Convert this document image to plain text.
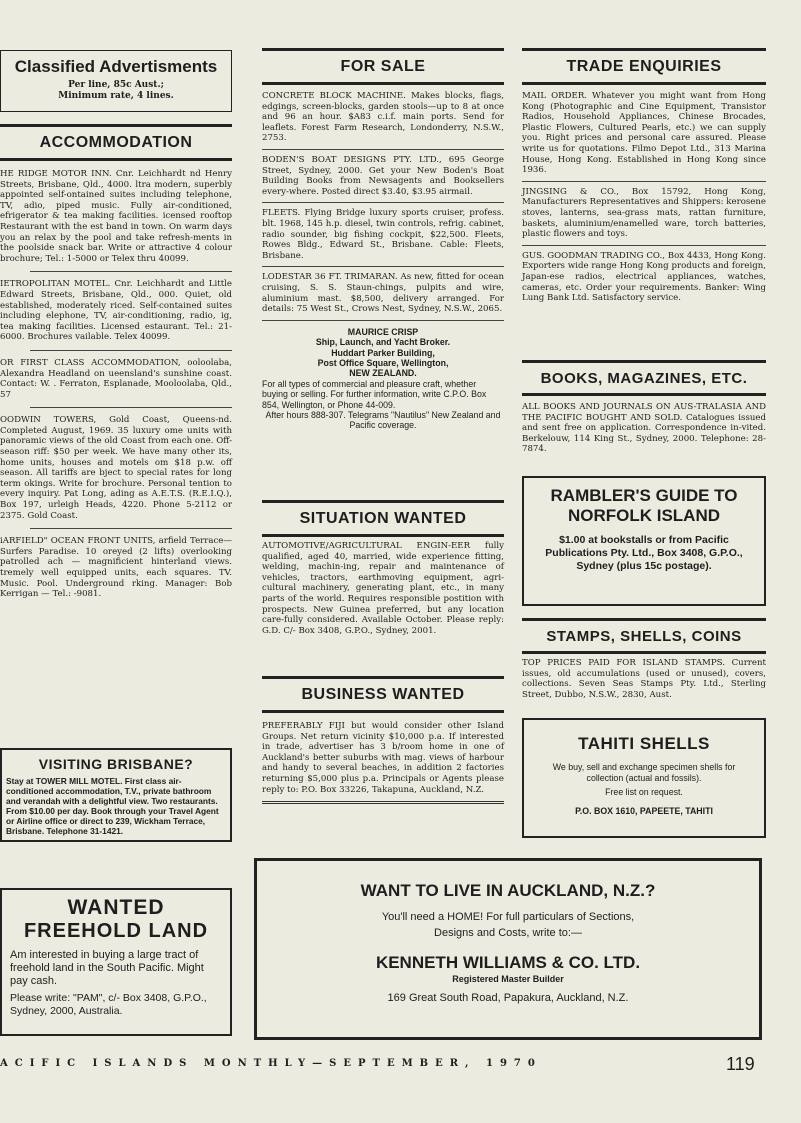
Classified Advertisments
Per line, 85c Aust.;
Minimum rate, 4 lines.
ACCOMMODATION

HE RIDGE MOTOR INN. Cnr. Leichhardt nd Henry Streets, Brisbane, Qld., 4000. ltra modern, superbly appointed self-ontained suites including telephone, TV, adio, piped music. Fully air-conditioned, efrigerator & tea making facilities. icensed rooftop Restaurant with the est band in town. On warm days you an relax by the pool and take refresh-ments in the poolside snack bar. Write or attractive 4 colour brochure; Tel.: 1-5000 or Telex thru 40099.

IETROPOLITAN MOTEL. Cnr. Leichhardt and Little Edward Streets, Brisbane, Qld., 000. Quiet, old established, moderately riced. Self-contained suites including elephone, TV, air-conditioning, radio, ig, tea making facilities. Licensed estaurant. Tel.: 21-6000. Brochures vailable. Telex 40099.

OR FIRST CLASS ACCOMMODATION, ooloolaba, Alexandra Headland on ueensland's sunshine coast. Contact: W. . Ferraton, Esplanade, Mooloolaba, Qld., 57

OODWIN TOWERS, Gold Coast, Queens-nd. Completed August, 1969. 35 luxury ome units with panoramic views of the old Coast from each one. Off-season riff: $50 per week. We have many other its, home units, houses and motels om $18 p.w. off season. All tariffs are bject to special rates for long term okings. Write for brochure. Personal tention to every inquiry. Pat Long, ading as A.E.T.S. (R.E.I.Q.), Box 197, urleigh Heads, 4220. Phone 5-2112 or 2375. Gold Coast.

iARFIELD" OCEAN FRONT UNITS, arfield Terrace—Surfers Paradise. 10 oreyed (2 lifts) overlooking patrolled ach — magnificient hinterland views. tremely well equipped units, each squares. TV. Music. Pool. Underground rking. Manager: Bob Kerrigan — Tel.: -9081.

VISITING BRISBANE?

Stay at TOWER MILL MOTEL. First class air-conditioned accommodation, T.V., private bathroom and verandah with a delightful view. Two restaurants. From $10.00 per day. Book through your Travel Agent or Airline office or direct to 239, Wickham Terrace, Brisbane. Telephone 31-1421.

WANTED
FREEHOLD LAND

Am interested in buying a large tract of freehold land in the South Pacific. Might pay cash.

Please write: "PAM", c/- Box 3408, G.P.O., Sydney, 2000, Australia.

FOR SALE

CONCRETE BLOCK MACHINE. Makes blocks, flags, edgings, screen-blocks, garden stools—up to 8 at once and 96 an hour. $A83 c.i.f. main ports. Send for leaflets. Forest Farm Research, Londonderry, N.S.W., 2753.

BODEN'S BOAT DESIGNS PTY. LTD., 695 George Street, Sydney, 2000. Get your New Boden's Boat Building Books from Newsagents and Booksellers every-where. Posted direct $3.40, $3.95 airmail.

FLEETS. Flying Bridge luxury sports cruiser, profess. blt. 1968, 145 h.p. diesel, twin controls, refrig. cabinet, radio sounder, big fishing cockpit, $22,500. Fleets, Rowes Bldg., Edward St., Brisbane. Cable: Fleets, Brisbane.

LODESTAR 36 FT. TRIMARAN. As new, fitted for ocean cruising, S. S. Staun-chings, pulpits and wire, aluminium mast. $8,500, delivery arranged. For details: 75 West St., Crows Nest, Sydney, N.S.W., 2065.

MAURICE CRISP
Ship, Launch, and Yacht Broker.
Huddart Parker Building,
Post Office Square, Wellington,
NEW ZEALAND.

For all types of commercial and pleasure craft, whether buying or selling. For further information, write C.P.O. Box 854, Wellington, or Phone 44-009.

After hours 888-307. Telegrams "Nautilus" New Zealand and Pacific coverage.

SITUATION WANTED

AUTOMOTIVE/AGRICULTURAL ENGIN-EER fully qualified, aged 40, married, wide experience fitting, welding, machin-ing, repair and maintenance of vehicles, tractors, earthmoving equipment, agri-cultural machinery, generating plant, etc., in many parts of the world. Requires responsible postition with prospects. New Guinea preferred, but any location care-fully considered. Available October. Please reply: G.D. C/- Box 3408, G.P.O., Sydney, 2001.

BUSINESS WANTED

PREFERABLY FIJI but would consider other Island Groups. Net return vicinity $10,000 p.a. If interested in trade, advertiser has 3 b/room home in one of Auckland's better suburbs with mag. views of harbour and handy to several beaches, in addition 2 factories returning $5,000 plus p.a. Principals or Agents please reply to: P.O. Box 33226, Takapuna, Auckland, N.Z.

TRADE ENQUIRIES

MAIL ORDER. Whatever you might want from Hong Kong (Photographic and Cine Equipment, Transistor Radios, Household Appliances, Chinese Brocades, Plastic Flowers, Cultured Pearls, etc.) we can supply you. Right prices and personal care assured. Please write us for quotations. Filmo Depot Ltd., 313 Marina House, Hong Kong. Established in Hong Kong since 1936.

JINGSING & CO., Box 15792, Hong Kong, Manufacturers Representatives and Shippers: kerosene stoves, lanterns, sea-grass mats, rattan furniture, baskets, aluminium/enamelled ware, torch batteries, plastic flowers and toys.

GUS. GOODMAN TRADING CO., Box 4433, Hong Kong. Exporters wide range Hong Kong products and foreign, Japan-ese radios, electrical appliances, watches, cameras, etc. Order your requirements. Banker: Wing Lung Bank Ltd. Satisfactory service.

BOOKS, MAGAZINES, ETC.

ALL BOOKS AND JOURNALS ON AUS-TRALASIA AND THE PACIFIC BOUGHT AND SOLD. Catalogues issued and sent free on application. Correspondence in-vited. Berkelouw, 114 King St., Sydney, 2000. Telephone: 28-7874.

RAMBLER'S GUIDE TO
NORFOLK ISLAND

$1.00 at bookstalls or from Pacific Publications Pty. Ltd., Box 3408, G.P.O., Sydney (plus 15c postage).

STAMPS, SHELLS, COINS

TOP PRICES PAID FOR ISLAND STAMPS. Current issues, old accumulations (used or unused), covers, collections. Seven Seas Stamps Pty. Ltd., Sterling Street, Dubbo, N.S.W., 2830, Aust.

TAHITI SHELLS

We buy, sell and exchange specimen shells for collection (actual and fossils).

Free list on request.

P.O. BOX 1610, PAPEETE, TAHITI

WANT TO LIVE IN AUCKLAND, N.Z.?

You'll need a HOME! For full particulars of Sections,

Designs and Costs, write to:—

KENNETH WILLIAMS & CO. LTD.

Registered Master Builder

169 Great South Road, Papakura, Auckland, N.Z.

ACIFIC ISLANDS MONTHLY—SEPTEMBER, 1970	119
